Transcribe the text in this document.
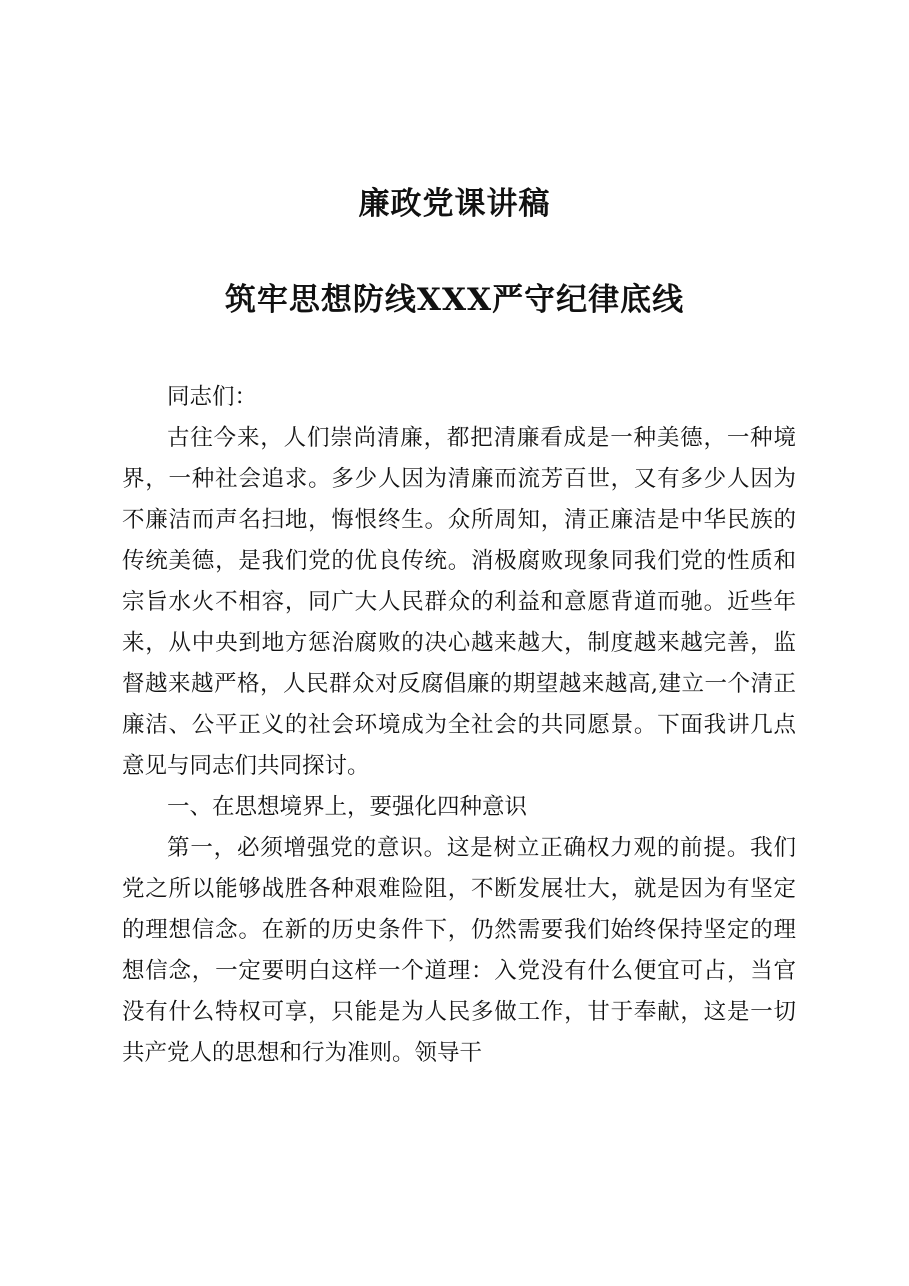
廉政党课讲稿
筑牢思想防线XXX严守纪律底线

同志们：

古往今来，人们崇尚清廉，都把清廉看成是一种美德，一种境界，一种社会追求。多少人因为清廉而流芳百世，又有多少人因为不廉洁而声名扫地，悔恨终生。众所周知，清正廉洁是中华民族的传统美德，是我们党的优良传统。消极腐败现象同我们党的性质和宗旨水火不相容，同广大人民群众的利益和意愿背道而驰。近些年来，从中央到地方惩治腐败的决心越来越大，制度越来越完善，监督越来越严格，人民群众对反腐倡廉的期望越来越高,建立一个清正廉洁、公平正义的社会环境成为全社会的共同愿景。下面我讲几点意见与同志们共同探讨。

一、在思想境界上，要强化四种意识

第一，必须增强党的意识。这是树立正确权力观的前提。我们党之所以能够战胜各种艰难险阻，不断发展壮大，就是因为有坚定的理想信念。在新的历史条件下，仍然需要我们始终保持坚定的理想信念，一定要明白这样一个道理：入党没有什么便宜可占，当官没有什么特权可享，只能是为人民多做工作，甘于奉献，这是一切共产党人的思想和行为准则。领导干
